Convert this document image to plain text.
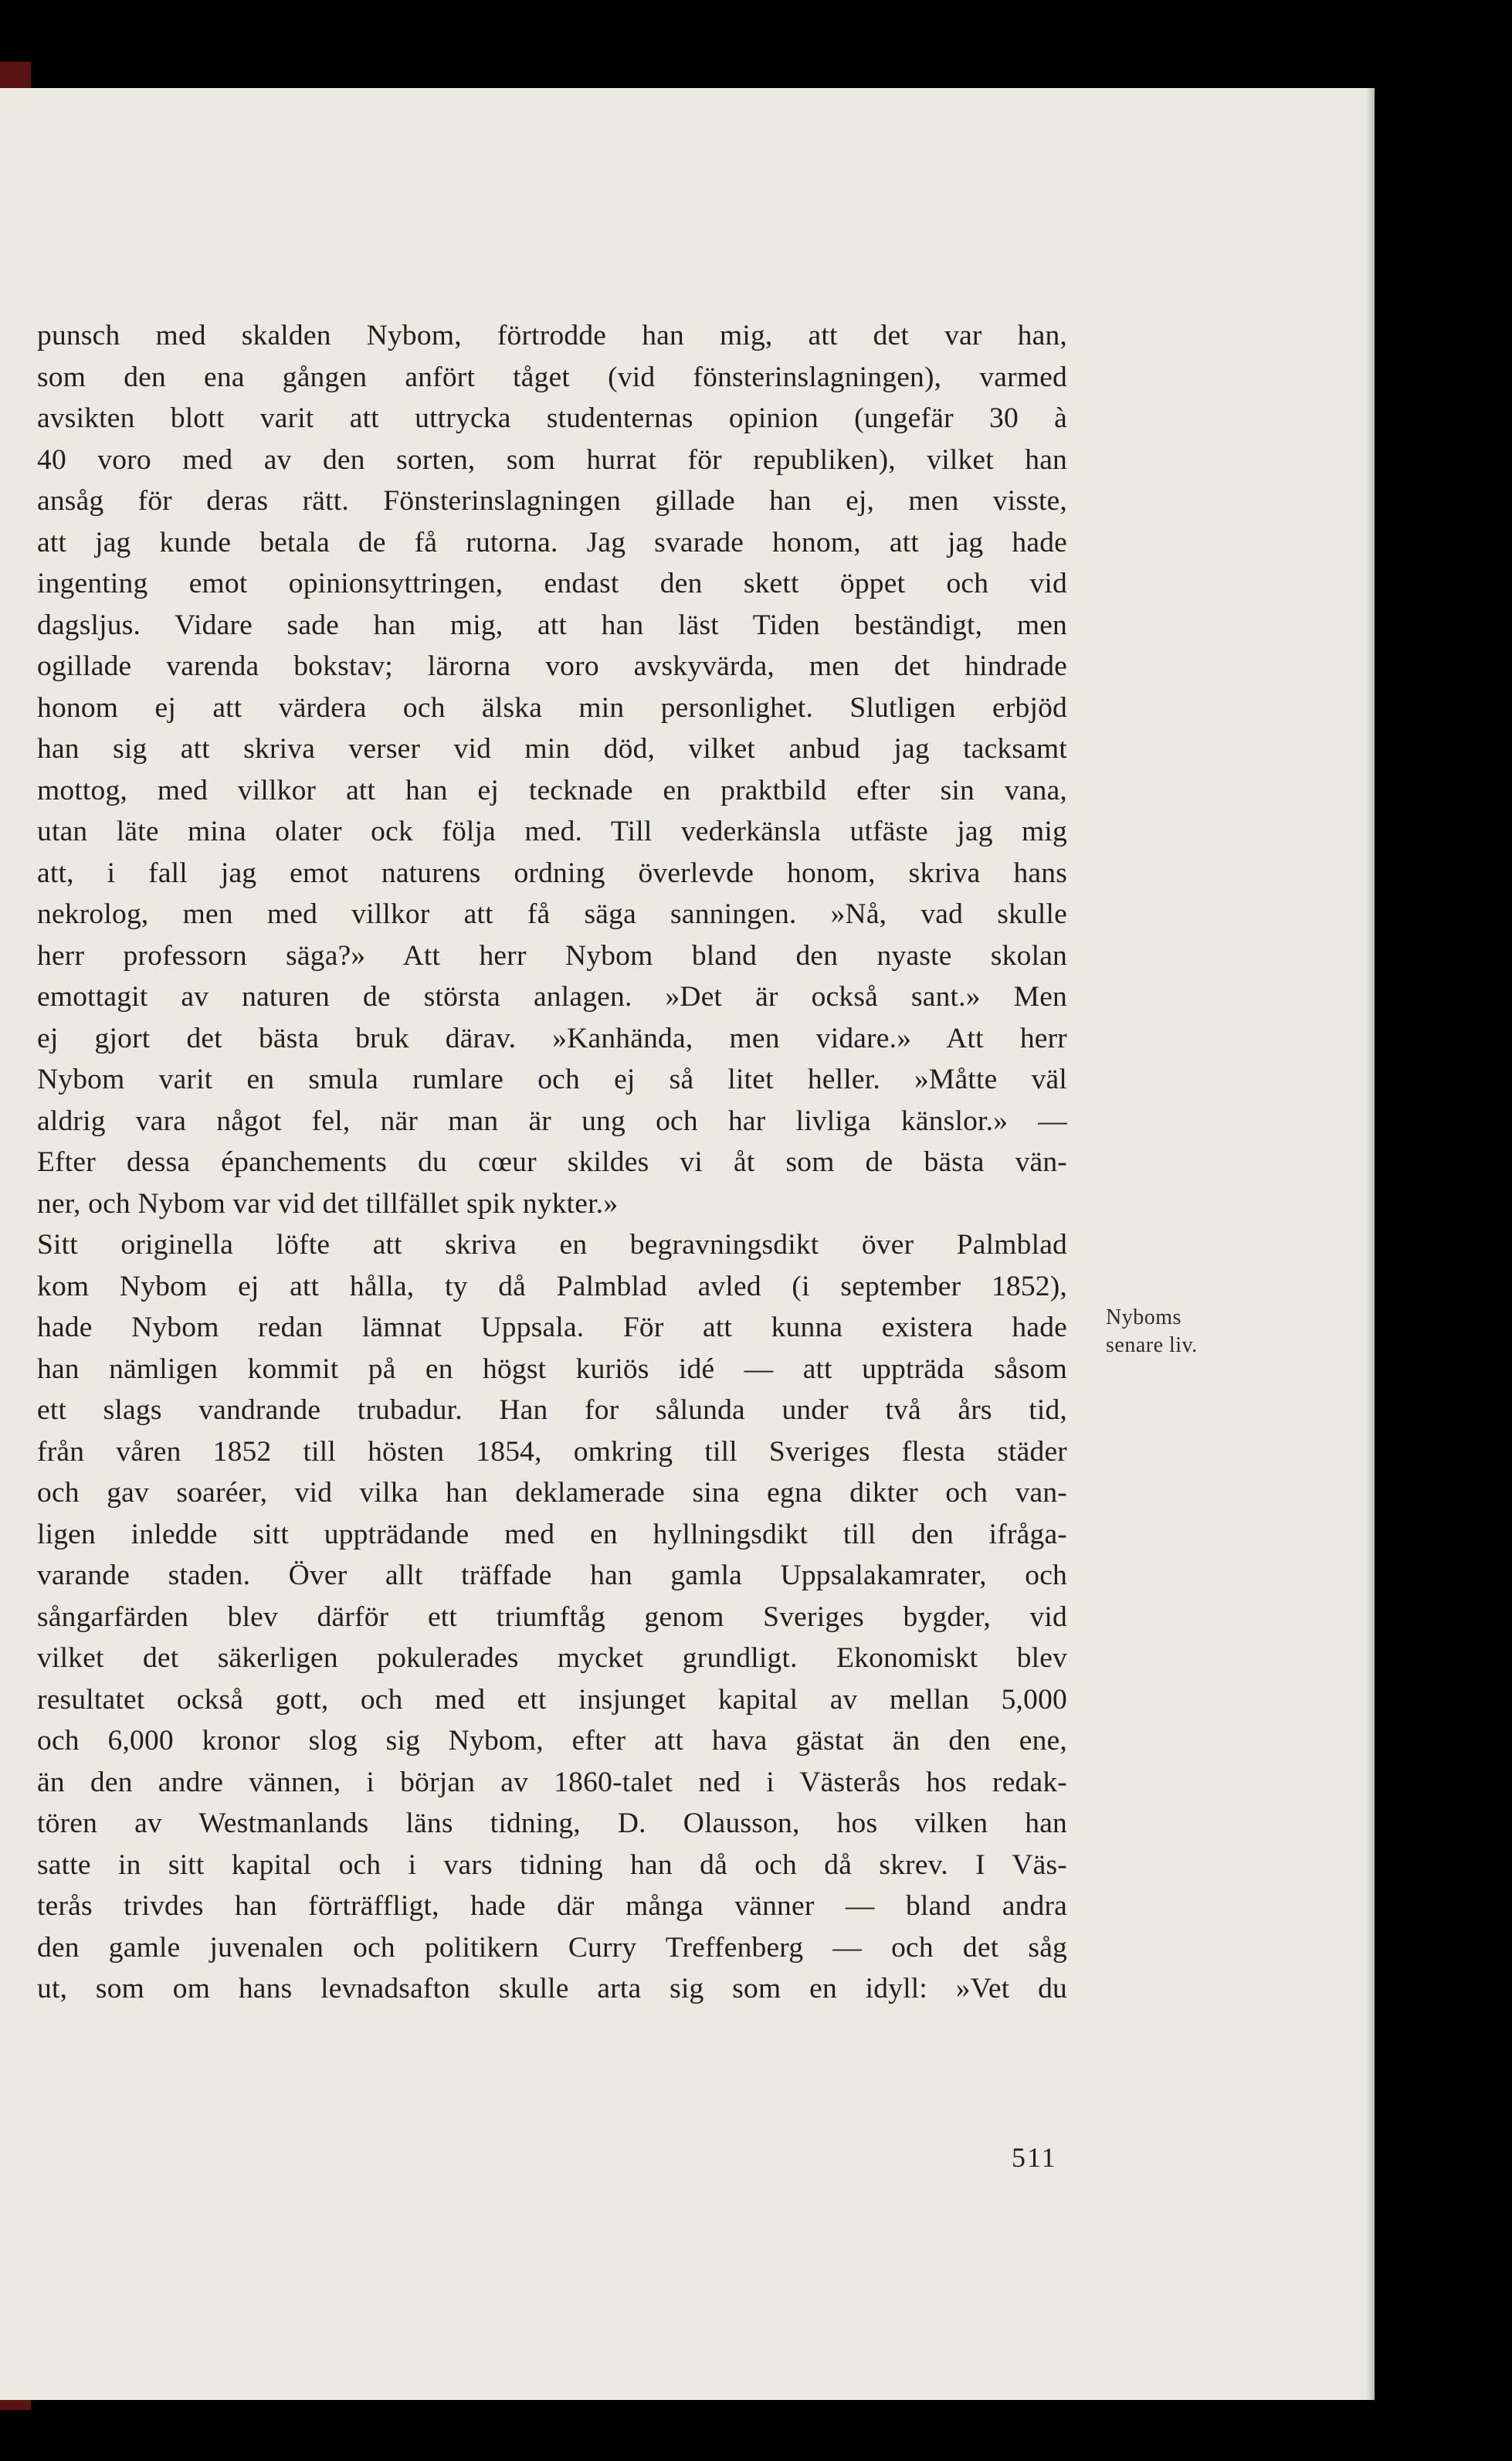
punsch med skalden Nybom, förtrodde han mig, att det var han,
som den ena gången anfört tåget (vid fönsterinslagningen), varmed
avsikten blott varit att uttrycka studenternas opinion (ungefär 30 à
40 voro med av den sorten, som hurrat för republiken), vilket han
ansåg för deras rätt. Fönsterinslagningen gillade han ej, men visste,
att jag kunde betala de få rutorna. Jag svarade honom, att jag hade
ingenting emot opinionsyttringen, endast den skett öppet och vid
dagsljus. Vidare sade han mig, att han läst Tiden beständigt, men
ogillade varenda bokstav; lärorna voro avskyvärda, men det hindrade
honom ej att värdera och älska min personlighet. Slutligen erbjöd
han sig att skriva verser vid min död, vilket anbud jag tacksamt
mottog, med villkor att han ej tecknade en praktbild efter sin vana,
utan läte mina olater ock följa med. Till vederkänsla utfäste jag mig
att, i fall jag emot naturens ordning överlevde honom, skriva hans
nekrolog, men med villkor att få säga sanningen. »Nå, vad skulle
herr professorn säga?» Att herr Nybom bland den nyaste skolan
emottagit av naturen de största anlagen. »Det är också sant.» Men
ej gjort det bästa bruk därav. »Kanhända, men vidare.» Att herr
Nybom varit en smula rumlare och ej så litet heller. »Måtte väl
aldrig vara något fel, när man är ung och har livliga känslor.» —
Efter dessa épanchements du cœur skildes vi åt som de bästa vän-
ner, och Nybom var vid det tillfället spik nykter.»
Sitt originella löfte att skriva en begravningsdikt över Palmblad
kom Nybom ej att hålla, ty då Palmblad avled (i september 1852),
hade Nybom redan lämnat Uppsala. För att kunna existera hade
han nämligen kommit på en högst kuriös idé — att uppträda såsom
ett slags vandrande trubadur. Han for sålunda under två års tid,
från våren 1852 till hösten 1854, omkring till Sveriges flesta städer
och gav soaréer, vid vilka han deklamerade sina egna dikter och van-
ligen inledde sitt uppträdande med en hyllningsdikt till den ifråga-
varande staden. Över allt träffade han gamla Uppsalakamrater, och
sångarfärden blev därför ett triumftåg genom Sveriges bygder, vid
vilket det säkerligen pokulerades mycket grundligt. Ekonomiskt blev
resultatet också gott, och med ett insjunget kapital av mellan 5,000
och 6,000 kronor slog sig Nybom, efter att hava gästat än den ene,
än den andre vännen, i början av 1860-talet ned i Västerås hos redak-
tören av Westmanlands läns tidning, D. Olausson, hos vilken han
satte in sitt kapital och i vars tidning han då och då skrev. I Väs-
terås trivdes han förträffligt, hade där många vänner — bland andra
den gamle juvenalen och politikern Curry Treffenberg — och det såg
ut, som om hans levnadsafton skulle arta sig som en idyll: »Vet du
Nyboms
senare liv.
511
